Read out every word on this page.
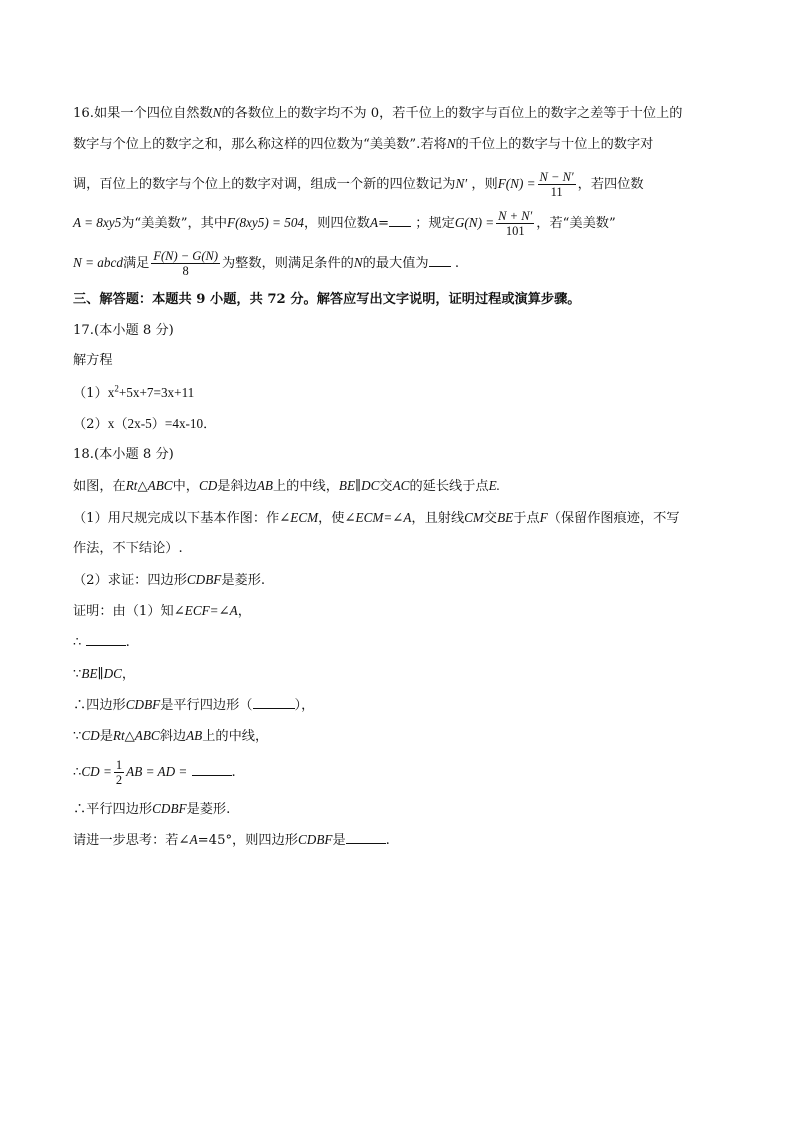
16.如果一个四位自然数N的各数位上的数字均不为 0，若千位上的数字与百位上的数字之差等于十位上的
数字与个位上的数字之和，那么称这样的四位数为“美美数”.若将N的千位上的数字与十位上的数字对
调，百位上的数字与个位上的数字对调，组成一个新的四位数记为N′ ，则$F(N) = \frac{N - N'}{11}$ ，若四位数
A = 8xy5为“美美数”，其中F(8xy5) = 504，则四位数A= ；规定$G(N) = \frac{N + N'}{101}$ ，若“美美数”
N = abcd满足 $\frac{F(N) - G(N)}{8}$ 为整数，则满足条件的N的最大值为 .
三、解答题：本题共 9 小题，共 72 分。解答应写出文字说明，证明过程或演算步骤。
17.(本小题 8 分)
解方程
$(1)x^2+5x+7=3x+11$
（2）x（2x-5）=4x-10．
18.(本小题 8 分)
如图，在Rt△ABC中，CD是斜边AB上的中线，BE∥DC交AC的延长线于点E.
（1）用尺规完成以下基本作图：作∠ECM，使∠ECM=∠A，且射线CM交BE于点F（保留作图痕迹，不写
作法，不下结论）.
（2）求证：四边形CDBF是菱形.
证明：由（1）知∠ECF=∠A，
∴	.
∵BE∥DC，
∴四边形CDBF是平行四边形（	），
∵CD是Rt△ABC斜边AB上的中线，
∴CD = $\frac{1}{2}$ AB = AD =	.
∴平行四边形CDBF是菱形.
请进一步思考：若∠A=45°，则四边形CDBF是	.
